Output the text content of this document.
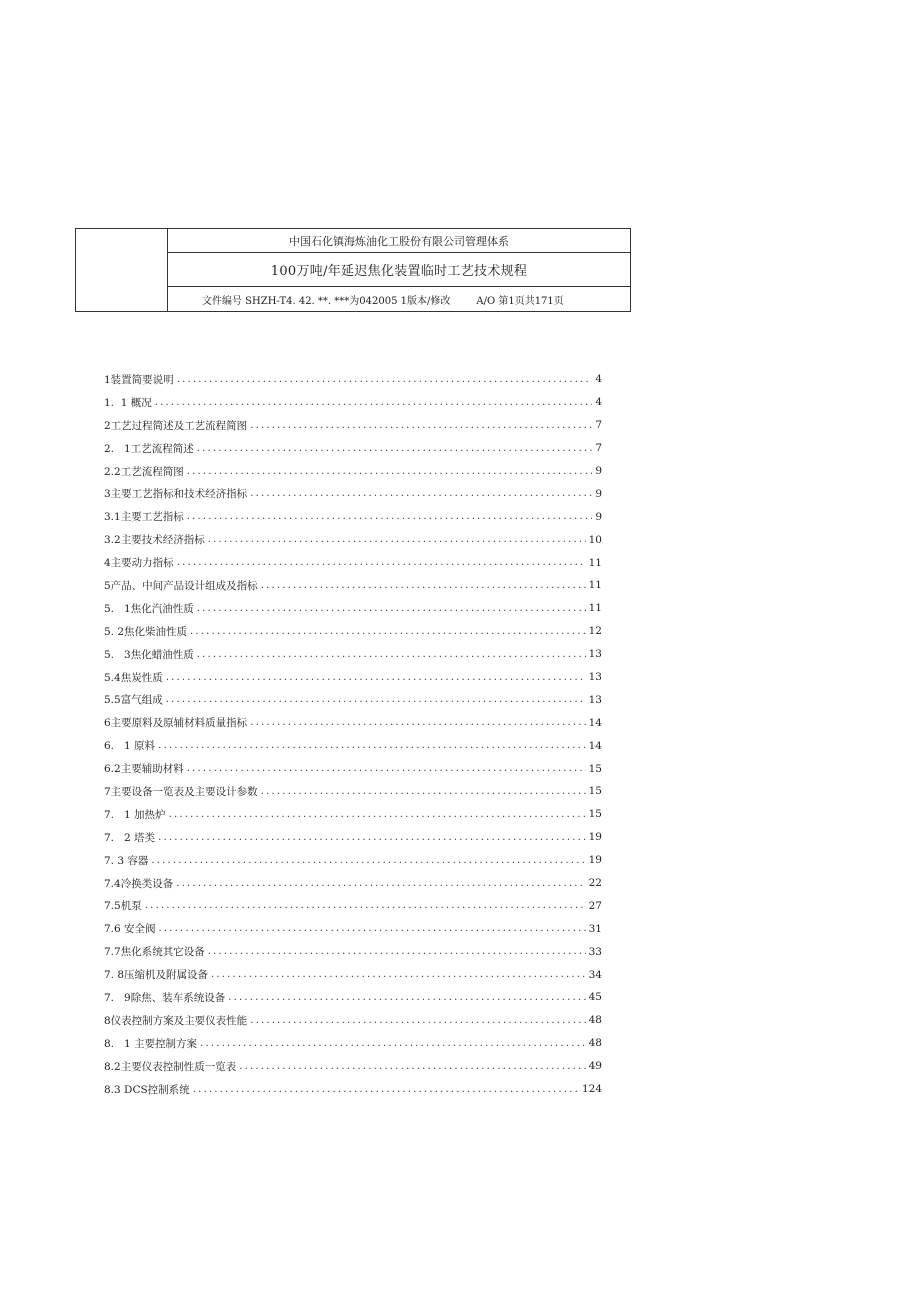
中国石化镇海炼油化工股份有限公司管理体系
100万吨/年延迟焦化装置临时工艺技术规程
文件编号 SHZH-T4. 42. **. ***为042005 1版本/修改	A/O 第1页共171页
1装置简要说明 .....	4
1.  1 概况 .....	4
2工艺过程简述及工艺流程简图 .....	7
2.   1工艺流程简述 .....	7
2.2工艺流程简图 .....	9
3主要工艺指标和技术经济指标 .....	9
3.1主要工艺指标 .....	9
3.2主要技术经济指标 .....	10
4主要动力指标 .....	11
5产品、中间产品设计组成及指标 .....	11
5.   1焦化汽油性质 .....	11
5. 2焦化柴油性质 .....	12
5.   3焦化蜡油性质 .....	13
5.4焦炭性质 .....	13
5.5富气组成 .....	13
6主要原料及原辅材料质量指标 .....	14
6.   1 原料 .....	14
6.2主要辅助材料 .....	15
7主要设备一览表及主要设计参数 .....	15
7.   1 加热炉 .....	15
7.   2 塔类 .....	19
7. 3 容器 .....	19
7.4冷换类设备 .....	22
7.5机泵 .....	27
7.6 安全阀 .....	31
7.7焦化系统其它设备 .....	33
7. 8压缩机及附属设备 .....	34
7.   9除焦、装车系统设备 .....	45
8仪表控制方案及主要仪表性能 .....	48
8.   1 主要控制方案 .....	48
8.2主要仪表控制性质一览表 .....	49
8.3 DCS控制系统 .....	124
